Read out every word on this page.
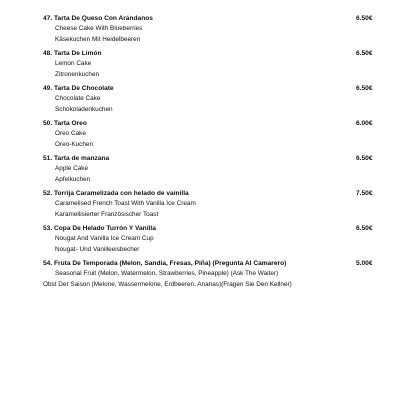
47. Tarta De Queso Con Arándanos	6.50€
Cheese Cake With Blueberries
Käsekuchen Mit Heidelbeeren
48. Tarta De Limón	6.50€
Lemon Cake
Zitronenkuchen
49. Tarta De Chocolate	6.50€
Chocolate Cake
Schokoladenkuchen
50. Tarta Oreo	6.00€
Oreo Cake
Oreo-Kuchen
51. Tarta de manzana	6.50€
Apple Cake
Apfelkuchen
52. Torrija Caramelizada con helado de vainilla	7.50€
Caramelised French Toast With Vanilla Ice Cream
Karamellisierter Französischer Toast
53. Copa De Helado Turrón Y Vanilla	6.50€
Nougat And Vanilla Ice Cream Cup
Nougat- Und Vanilleeisbecher
54. Fruta De Temporada (Melon, Sandia, Fresas, Piña) (Pregunta Al Camarero)	5.00€
Seasonal Fruit (Melon, Watermelon, Strawberries, Pineapple) (Ask The Waiter)
Obst Der Saison (Melone, Wassermelone, Erdbeeren, Ananas)(Fragen Sie Den Kellner)
